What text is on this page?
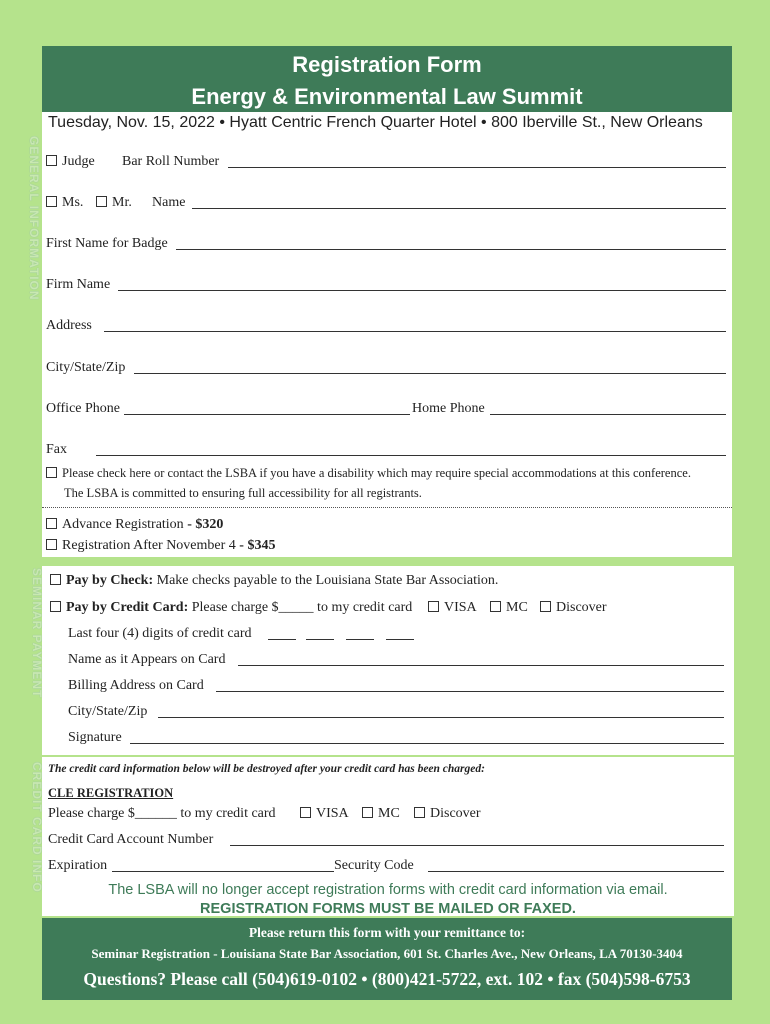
Registration Form
Energy & Environmental Law Summit
Tuesday, Nov. 15, 2022 • Hyatt Centric French Quarter Hotel • 800 Iberville St., New Orleans
Judge Bar Roll Number
Ms.	Mr. Name
First Name for Badge
Firm Name
Address
City/State/Zip
Office Phone	Home Phone
Fax
Please check here or contact the LSBA if you have a disability which may require special accommodations at this conference.
The LSBA is committed to ensuring full accessibility for all registrants.
Advance Registration - $320
Registration After November 4 - $345
Pay by Check: Make checks payable to the Louisiana State Bar Association.
Pay by Credit Card: Please charge $_____ to my credit card	VISA	MC	Discover
Last four (4) digits of credit card
Name as it Appears on Card
Billing Address on Card
City/State/Zip
Signature
The credit card information below will be destroyed after your credit card has been charged:
CLE REGISTRATION
Please charge $______ to my credit card	VISA	MC	Discover
Credit Card Account Number
Expiration	Security Code
The LSBA will no longer accept registration forms with credit card information via email.
REGISTRATION FORMS MUST BE MAILED OR FAXED.
Please return this form with your remittance to:
Seminar Registration - Louisiana State Bar Association, 601 St. Charles Ave., New Orleans, LA 70130-3404
Questions? Please call (504)619-0102 • (800)421-5722, ext. 102 • fax (504)598-6753
GENERAL INFORMATION
SEMINAR PAYMENT
CREDIT CARD INFO
